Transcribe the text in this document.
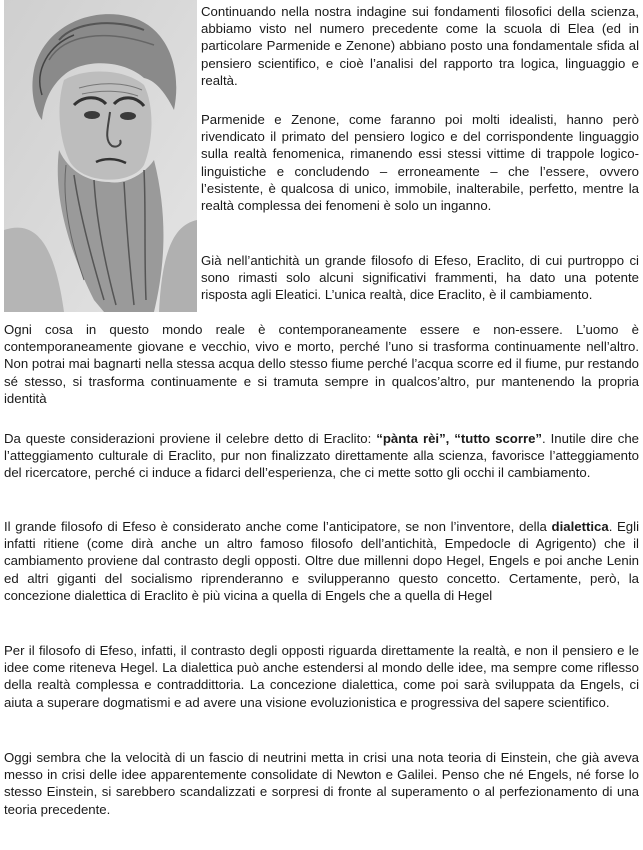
Continuando nella nostra indagine sui fondamenti filosofici della scienza, abbiamo visto nel numero precedente come la scuola di Elea (ed in particolare Parmenide e Zenone) abbiano posto una fondamentale sfida al pensiero scientifico, e cioè l’analisi del rapporto tra logica, linguaggio e realtà.

Parmenide e Zenone, come faranno poi molti idealisti, hanno però rivendicato il primato del pensiero logico e del corrispondente linguaggio sulla realtà fenomenica, rimanendo essi stessi vittime di trappole logico-linguistiche e concludendo – erroneamente – che l’essere, ovvero l’esistente, è qualcosa di unico, immobile, inalterabile, perfetto, mentre la realtà complessa dei fenomeni è solo un inganno.

Già nell’antichità un grande filosofo di Efeso, Eraclito, di cui purtroppo ci sono rimasti solo alcuni significativi frammenti, ha dato una potente risposta agli Eleatici. L’unica realtà, dice Eraclito, è il cambiamento.

Ogni cosa in questo mondo reale è contemporaneamente essere e non-essere. L’uomo è contemporaneamente giovane e vecchio, vivo e morto, perché l’uno si trasforma continuamente nell’altro. Non potrai mai bagnarti nella stessa acqua dello stesso fiume perché l’acqua scorre ed il fiume, pur restando sé stesso, si trasforma continuamente e si tramuta sempre in qualcos’altro, pur mantenendo la propria identità

Da queste considerazioni proviene il celebre detto di Eraclito: “pànta rèi”, “tutto scorre”. Inutile dire che l’atteggiamento culturale di Eraclito, pur non finalizzato direttamente alla scienza, favorisce l’atteggiamento del ricercatore, perché ci induce a fidarci dell’esperienza, che ci mette sotto gli occhi il cambiamento.

Il grande filosofo di Efeso è considerato anche come l’anticipatore, se non l’inventore, della dialettica. Egli infatti ritiene (come dirà anche un altro famoso filosofo dell’antichità, Empedocle di Agrigento) che il cambiamento proviene dal contrasto degli opposti. Oltre due millenni dopo Hegel, Engels e poi anche Lenin ed altri giganti del socialismo riprenderanno e svilupperanno questo concetto. Certamente, però, la concezione dialettica di Eraclito è più vicina a quella di Engels che a quella di Hegel

Per il filosofo di Efeso, infatti, il contrasto degli opposti riguarda direttamente la realtà, e non il pensiero e le idee come riteneva Hegel. La dialettica può anche estendersi al mondo delle idee, ma sempre come riflesso della realtà complessa e contraddittoria. La concezione dialettica, come poi sarà sviluppata da Engels, ci aiuta a superare dogmatismi e ad avere una visione evoluzionistica e progressiva del sapere scientifico.

Oggi sembra che la velocità di un fascio di neutrini metta in crisi una nota teoria di Einstein, che già aveva messo in crisi delle idee apparentemente consolidate di Newton e Galilei. Penso che né Engels, né forse lo stesso Einstein, si sarebbero scandalizzati e sorpresi di fronte al superamento o al perfezionamento di una teoria precedente.
